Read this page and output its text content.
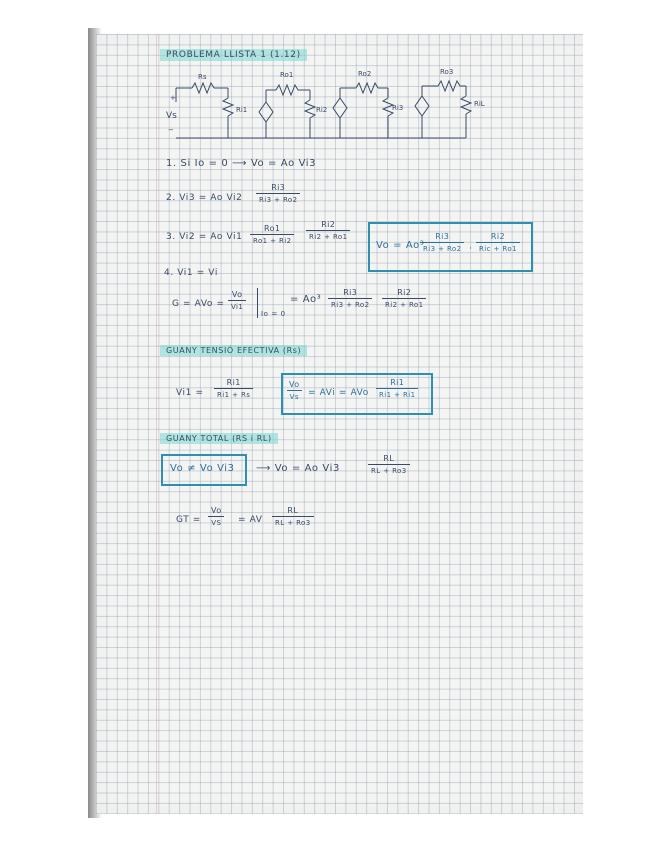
PROBLEMA LLISTA 1 (1.12)
Rs
Ri1
Ro1
Ri2
Ro2
Ri3
Ro3
RiL
Vs
+
−
1. Si Io = 0 ⟶ Vo = Ao Vi3
2. Vi3 = Ao $Vi2 \frac{Ri3}{Ri3 + Ro2}$
3. Vi2 = Ao $Vi1 \frac{Ro1}{Ro1 + Ri2} \frac{Ri2}{Ri2 + Ro1}$
Vo = Ao³
$\frac{Ri3}{Ri3 + Ro2}$ ·
Ri2
Ric + Ro1
4. Vi1 = Vi
G = AVo = $\frac{Vo}{Vi1}$
Io = 0
= $Ao^3 \frac{Ri3}{Ri3 + Ro2} \frac{Ri2}{Ri2 + Ro1}$
GUANY TENSIÓ EFECTIVA (Rs)
$Vi1 = \frac{Ri1}{Ri1 + Rs}$	$\frac{Vo}{Vs}$ = AVi = AVo $\frac{Ri1}{Ri1 + Ri1}$
GUANY TOTAL (RS i RL)
Vo ≠ Vo Vi3 ⟶ Vo = Ao Vi3	$\frac{RL}{RL + Ro3}$
GT = $\frac{Vo}{VS}$ = AV $\frac{RL}{RL + Ro3}$
